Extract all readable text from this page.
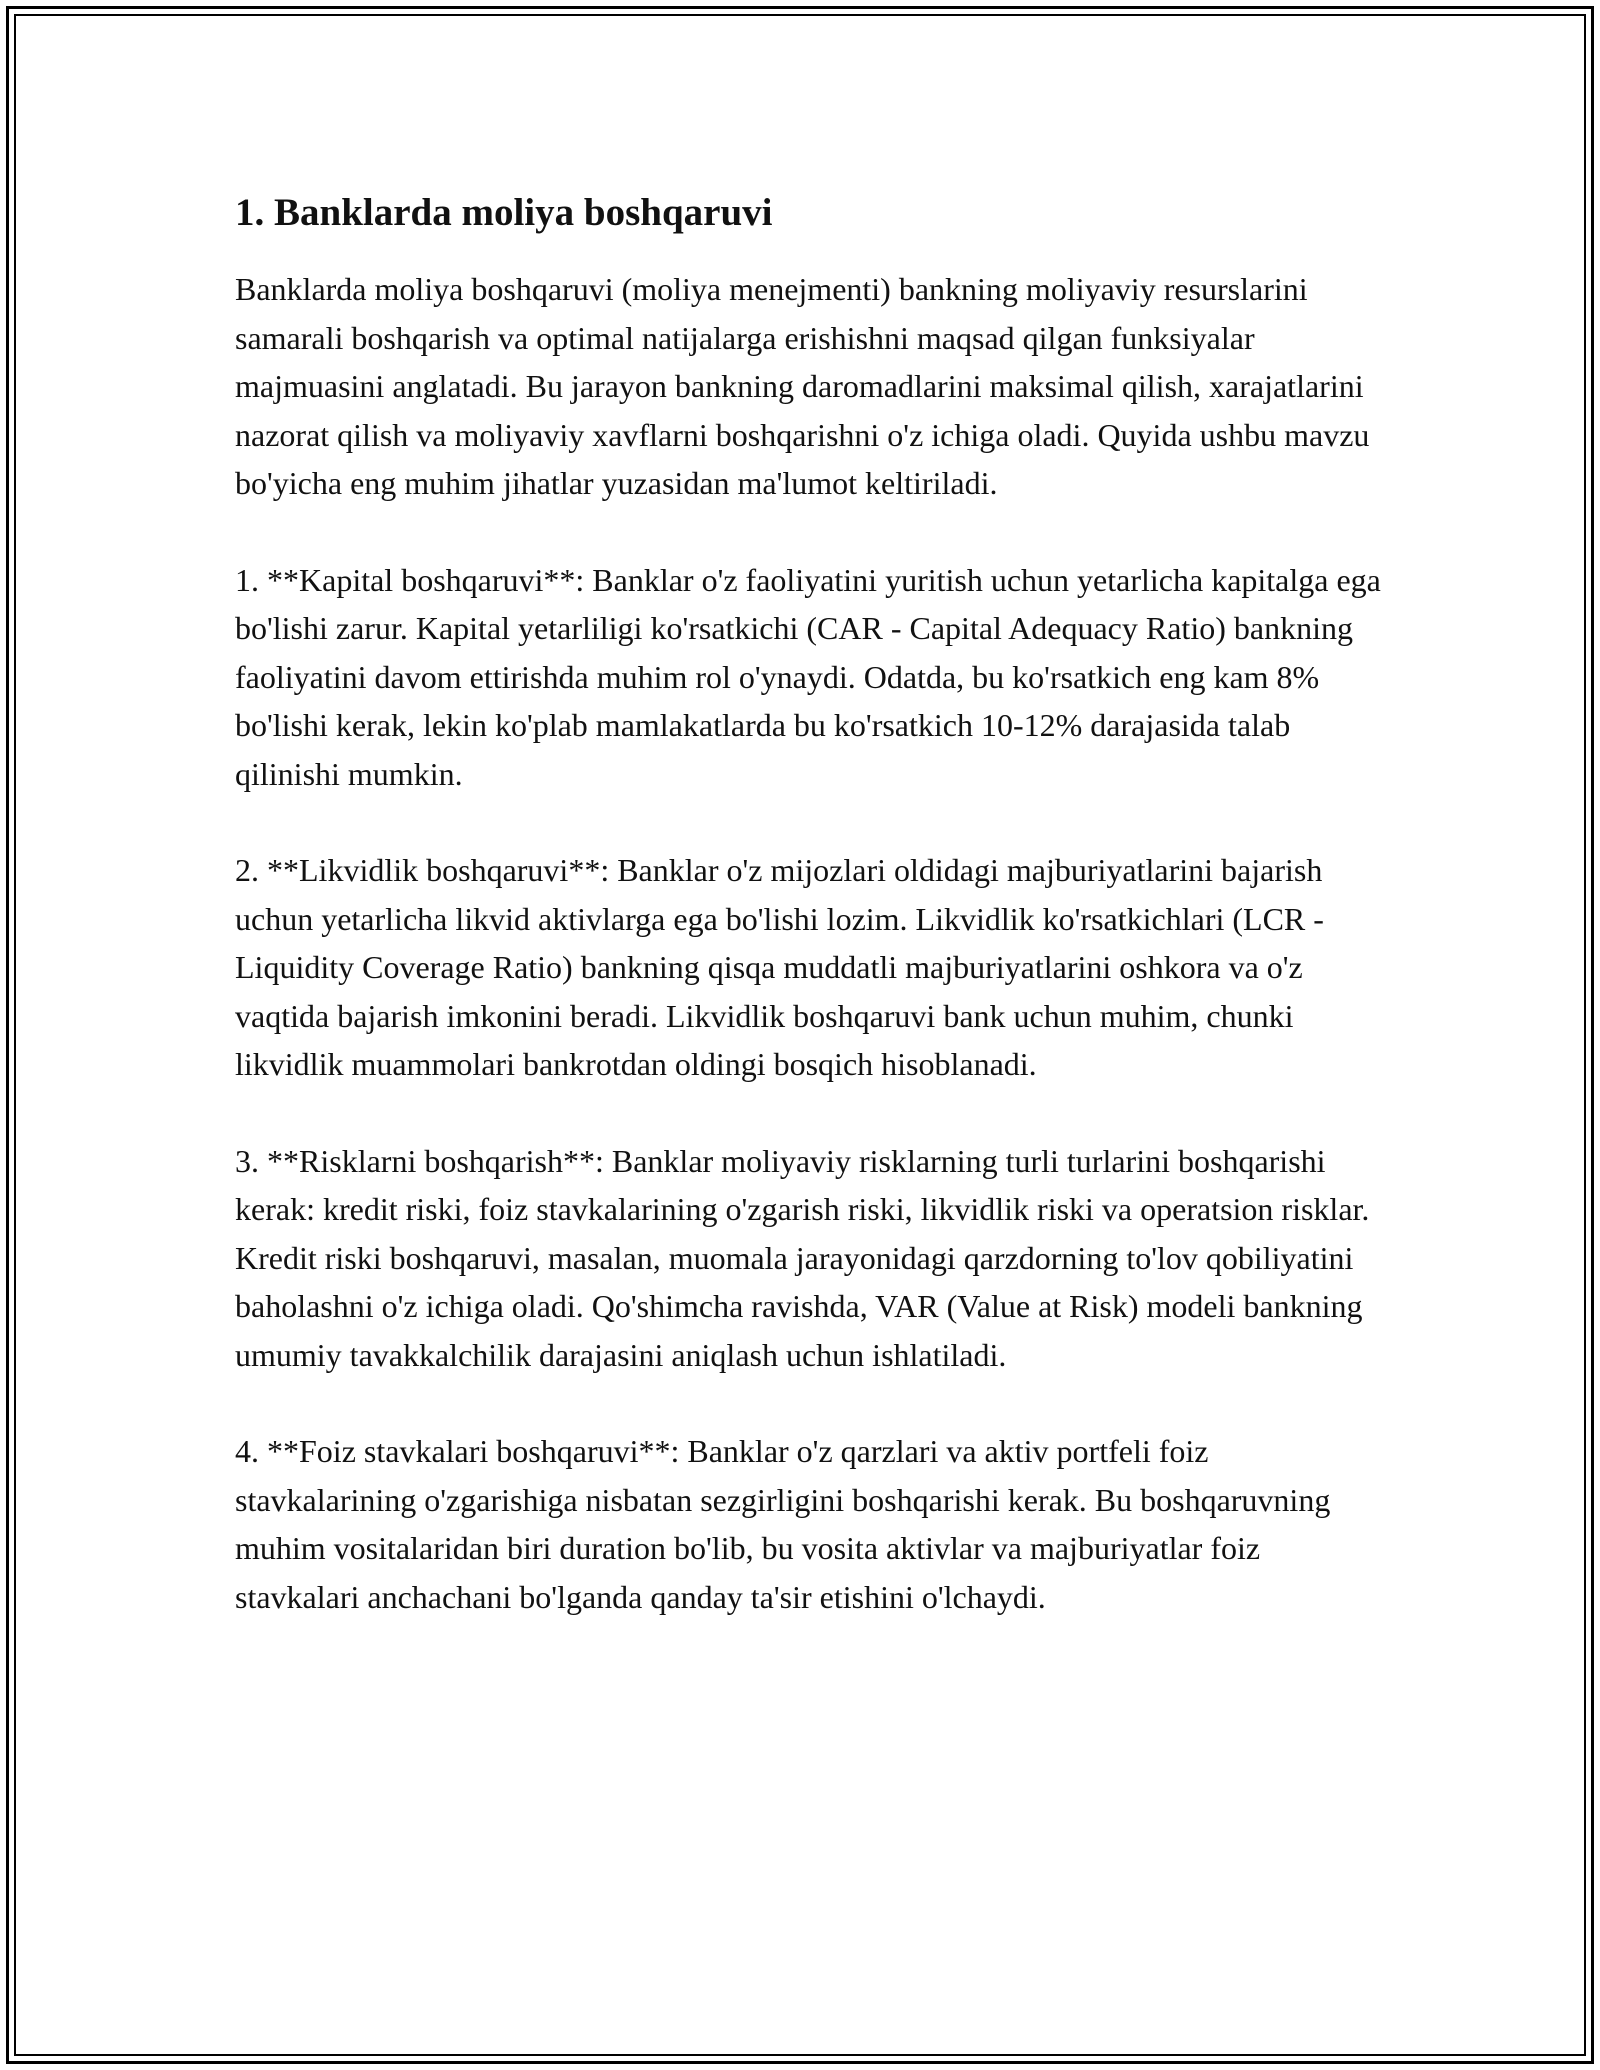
1. Banklarda moliya boshqaruvi

Banklarda moliya boshqaruvi (moliya menejmenti) bankning moliyaviy resurslarini samarali boshqarish va optimal natijalarga erishishni maqsad qilgan funksiyalar majmuasini anglatadi. Bu jarayon bankning daromadlarini maksimal qilish, xarajatlarini nazorat qilish va moliyaviy xavflarni boshqarishni o'z ichiga oladi. Quyida ushbu mavzu bo'yicha eng muhim jihatlar yuzasidan ma'lumot keltiriladi.

1. **Kapital boshqaruvi**: Banklar o'z faoliyatini yuritish uchun yetarlicha kapitalga ega bo'lishi zarur. Kapital yetarliligi ko'rsatkichi (CAR - Capital Adequacy Ratio) bankning faoliyatini davom ettirishda muhim rol o'ynaydi. Odatda, bu ko'rsatkich eng kam 8% bo'lishi kerak, lekin ko'plab mamlakatlarda bu ko'rsatkich 10-12% darajasida talab qilinishi mumkin.

2. **Likvidlik boshqaruvi**: Banklar o'z mijozlari oldidagi majburiyatlarini bajarish uchun yetarlicha likvid aktivlarga ega bo'lishi lozim. Likvidlik ko'rsatkichlari (LCR - Liquidity Coverage Ratio) bankning qisqa muddatli majburiyatlarini oshkora va o'z vaqtida bajarish imkonini beradi. Likvidlik boshqaruvi bank uchun muhim, chunki likvidlik muammolari bankrotdan oldingi bosqich hisoblanadi.

3. **Risklarni boshqarish**: Banklar moliyaviy risklarning turli turlarini boshqarishi kerak: kredit riski, foiz stavkalarining o'zgarish riski, likvidlik riski va operatsion risklar. Kredit riski boshqaruvi, masalan, muomala jarayonidagi qarzdorning to'lov qobiliyatini baholashni o'z ichiga oladi. Qo'shimcha ravishda, VAR (Value at Risk) modeli bankning umumiy tavakkalchilik darajasini aniqlash uchun ishlatiladi.

4. **Foiz stavkalari boshqaruvi**: Banklar o'z qarzlari va aktiv portfeli foiz stavkalarining o'zgarishiga nisbatan sezgirligini boshqarishi kerak. Bu boshqaruvning muhim vositalaridan biri duration bo'lib, bu vosita aktivlar va majburiyatlar foiz stavkalari anchachani bo'lganda qanday ta'sir etishini o'lchaydi.
